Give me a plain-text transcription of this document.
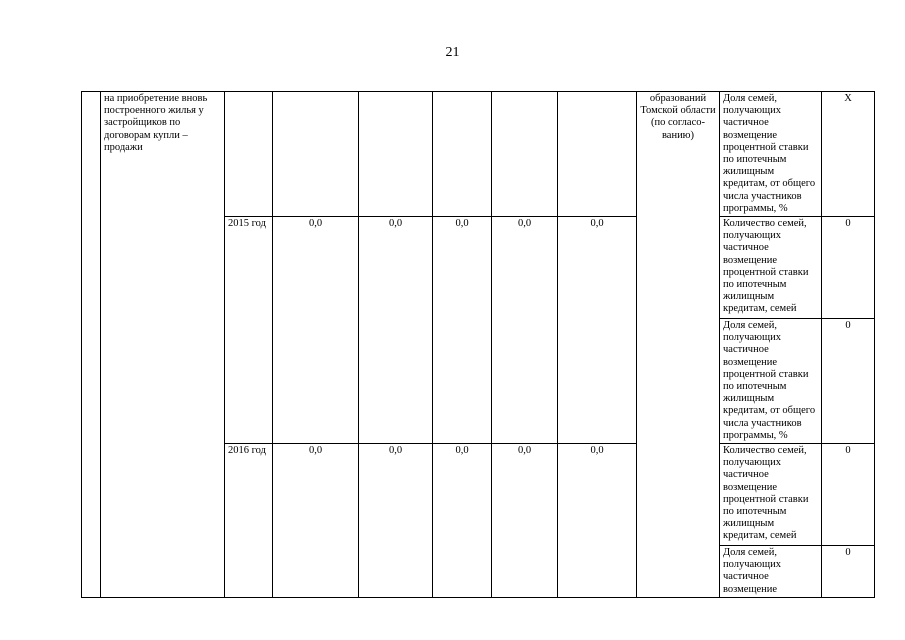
21
	на приобретение вновь построенного жилья у застройщиков по договорам купли – продажи							образований Томской области (по согласо-ванию)	Доля семей, получающих частичное возмещение процентной ставки по ипотечным жилищным кредитам, от общего числа участников программы, %	X
		2015 год	0,0	0,0	0,0	0,0	0,0		Количество семей, получающих частичное возмещение процентной ставки по ипотечным жилищным кредитам, семей	0
									Доля семей, получающих частичное возмещение процентной ставки по ипотечным жилищным кредитам, от общего числа участников программы, %	0
		2016 год	0,0	0,0	0,0	0,0	0,0		Количество семей, получающих частичное возмещение процентной ставки по ипотечным жилищным кредитам, семей	0
									Доля семей, получающих частичное возмещение	0
